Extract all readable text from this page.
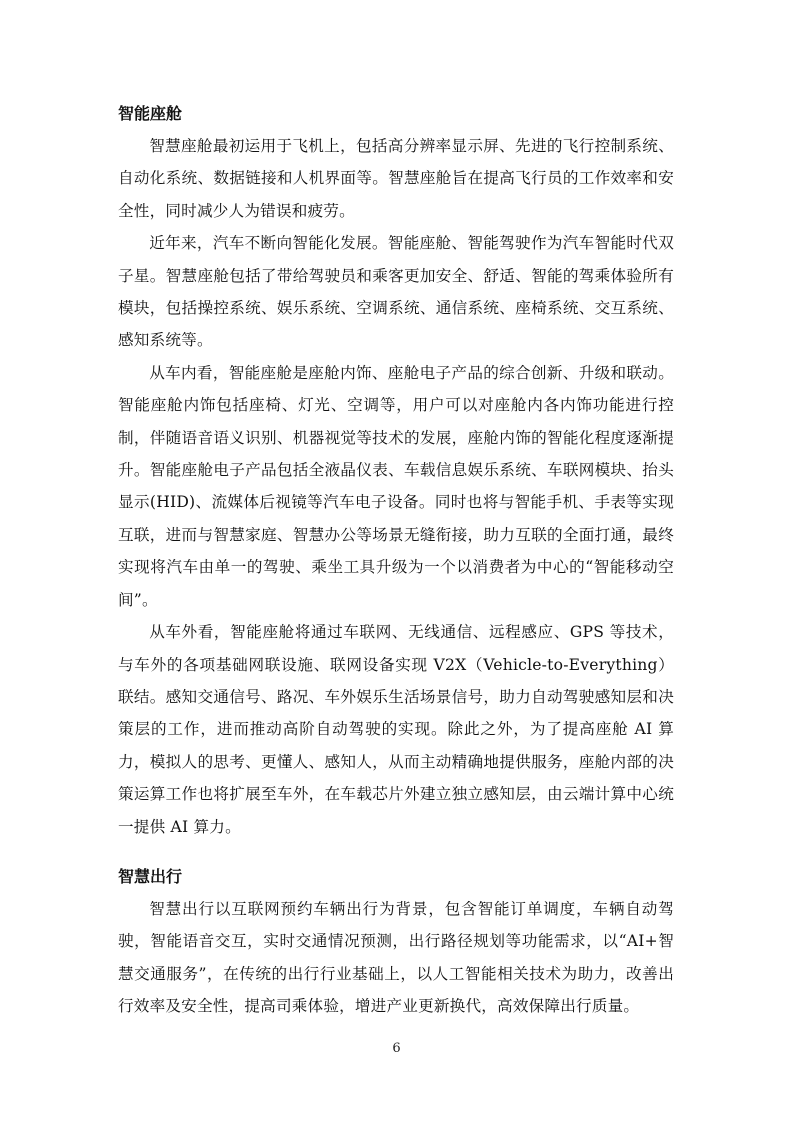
智能座舱

智慧座舱最初运用于飞机上，包括高分辨率显示屏、先进的飞行控制系统、自动化系统、数据链接和人机界面等。智慧座舱旨在提高飞行员的工作效率和安全性，同时减少人为错误和疲劳。

近年来，汽车不断向智能化发展。智能座舱、智能驾驶作为汽车智能时代双子星。智慧座舱包括了带给驾驶员和乘客更加安全、舒适、智能的驾乘体验所有模块，包括操控系统、娱乐系统、空调系统、通信系统、座椅系统、交互系统、感知系统等。

从车内看，智能座舱是座舱内饰、座舱电子产品的综合创新、升级和联动。智能座舱内饰包括座椅、灯光、空调等，用户可以对座舱内各内饰功能进行控制，伴随语音语义识别、机器视觉等技术的发展，座舱内饰的智能化程度逐渐提升。智能座舱电子产品包括全液晶仪表、车载信息娱乐系统、车联网模块、抬头显示(HID)、流媒体后视镜等汽车电子设备。同时也将与智能手机、手表等实现互联，进而与智慧家庭、智慧办公等场景无缝衔接，助力互联的全面打通，最终实现将汽车由单一的驾驶、乘坐工具升级为一个以消费者为中心的“智能移动空间”。

从车外看，智能座舱将通过车联网、无线通信、远程感应、GPS 等技术，与车外的各项基础网联设施、联网设备实现 V2X（Vehicle-to-Everything）联结。感知交通信号、路况、车外娱乐生活场景信号，助力自动驾驶感知层和决策层的工作，进而推动高阶自动驾驶的实现。除此之外，为了提高座舱 AI 算力，模拟人的思考、更懂人、感知人，从而主动精确地提供服务，座舱内部的决策运算工作也将扩展至车外，在车载芯片外建立独立感知层，由云端计算中心统一提供 AI 算力。

智慧出行

智慧出行以互联网预约车辆出行为背景，包含智能订单调度，车辆自动驾驶，智能语音交互，实时交通情况预测，出行路径规划等功能需求，以“AI+智慧交通服务”，在传统的出行行业基础上，以人工智能相关技术为助力，改善出行效率及安全性，提高司乘体验，增进产业更新换代，高效保障出行质量。

6
